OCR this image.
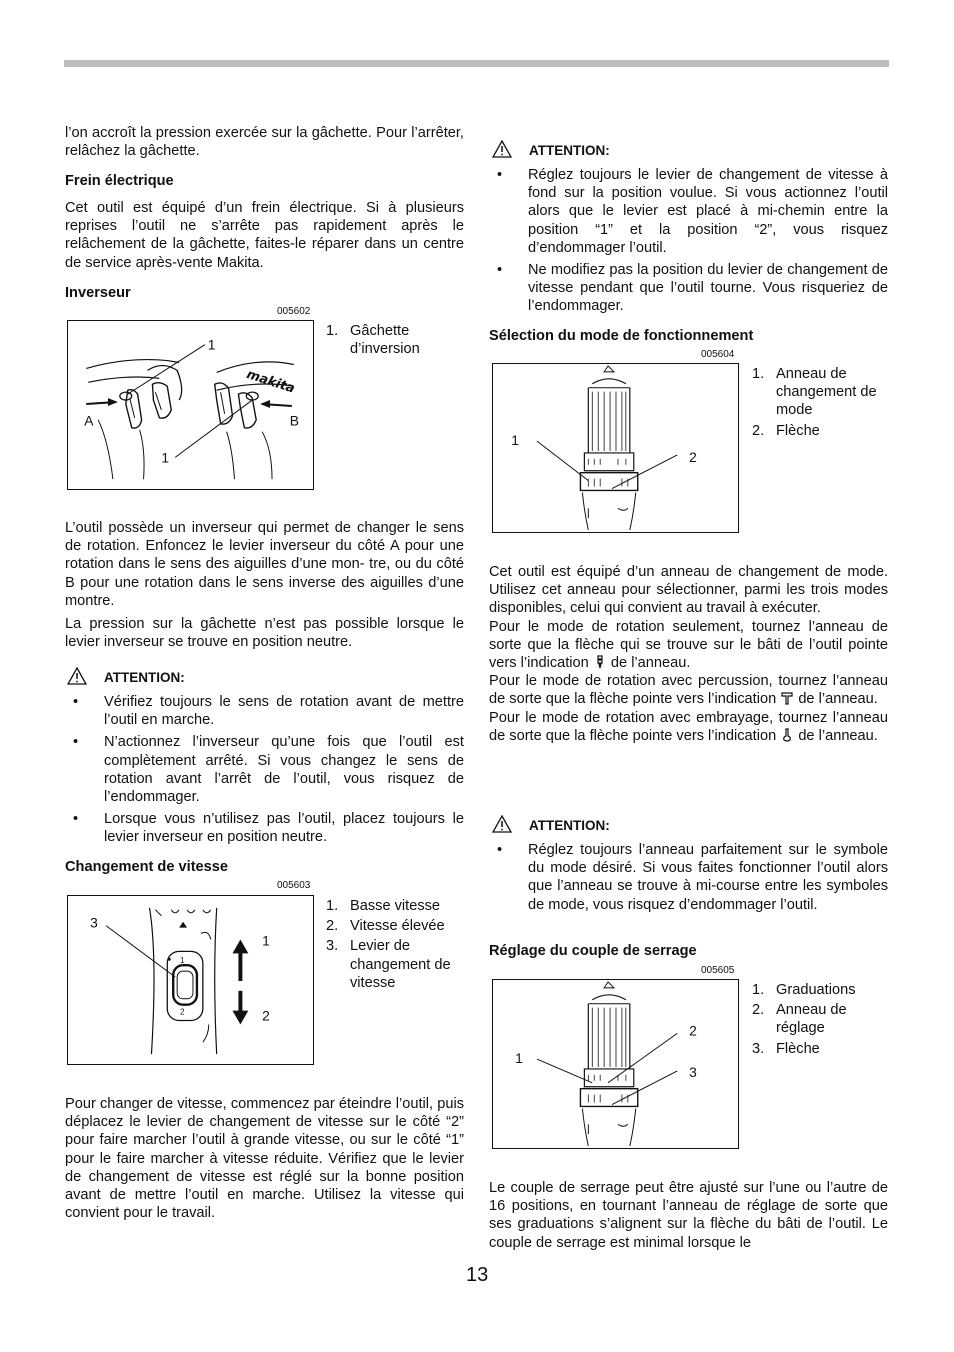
l’on accroît la pression exercée sur la gâchette. Pour l’arrêter, relâchez la gâchette.

Frein électrique

Cet outil est équipé d’un frein électrique. Si à plusieurs reprises l’outil ne s’arrête pas rapidement après le relâchement de la gâchette, faites-le réparer dans un centre de service après-vente Makita.

Inverseur
005602
makita
1
1
A	B
1. Gâchette d’inversion

L’outil possède un inverseur qui permet de changer le sens de rotation. Enfoncez le levier inverseur du côté A pour une rotation dans le sens des aiguilles d’une mon- tre, ou du côté B pour une rotation dans le sens inverse des aiguilles d’une montre.

La pression sur la gâchette n’est pas possible lorsque le levier inverseur se trouve en position neutre.

ATTENTION:
• Vérifiez toujours le sens de rotation avant de mettre l’outil en marche.
• N’actionnez l’inverseur qu’une fois que l’outil est complètement arrêté. Si vous changez le sens de rotation avant l’arrêt de l’outil, vous risquez de l’endommager.
• Lorsque vous n’utilisez pas l’outil, placez toujours le levier inverseur en position neutre.
Changement de vitesse
005603
1
2
3
1
2
1. Basse vitesse
2. Vitesse élevée
3. Levier de changement de vitesse

Pour changer de vitesse, commencez par éteindre l’outil, puis déplacez le levier de changement de vitesse sur le côté “2” pour faire marcher l’outil à grande vitesse, ou sur le côté “1” pour le faire marcher à vitesse réduite. Vérifiez que le levier de changement de vitesse est réglé sur la bonne position avant de mettre l’outil en marche. Utilisez la vitesse qui convient pour le travail.

ATTENTION:
• Réglez toujours le levier de changement de vitesse à fond sur la position voulue. Si vous actionnez l’outil alors que le levier est placé à mi-chemin entre la position “1” et la position “2”, vous risquez d’endommager l’outil.
• Ne modifiez pas la position du levier de changement de vitesse pendant que l’outil tourne. Vous risqueriez de l’endommager.
Sélection du mode de fonctionnement
005604
1
2
1. Anneau de changement de mode
2. Flèche

Cet outil est équipé d’un anneau de changement de mode. Utilisez cet anneau pour sélectionner, parmi les trois modes disponibles, celui qui convient au travail à exécuter.

Pour le mode de rotation seulement, tournez l’anneau de sorte que la flèche qui se trouve sur le bâti de l’outil pointe vers l’indication de l’anneau.

Pour le mode de rotation avec percussion, tournez l’anneau de sorte que la flèche pointe vers l’indication de l’anneau.

Pour le mode de rotation avec embrayage, tournez l’anneau de sorte que la flèche pointe vers l’indication de l’anneau.

ATTENTION:
• Réglez toujours l’anneau parfaitement sur le symbole du mode désiré. Si vous faites fonctionner l’outil alors que l’anneau se trouve à mi-course entre les symboles de mode, vous risquez d’endommager l’outil.
Réglage du couple de serrage
005605
1
2
3
1. Graduations
2. Anneau de réglage
3. Flèche

Le couple de serrage peut être ajusté sur l’une ou l’autre de 16 positions, en tournant l’anneau de réglage de sorte que ses graduations s’alignent sur la flèche du bâti de l’outil. Le couple de serrage est minimal lorsque le

13
